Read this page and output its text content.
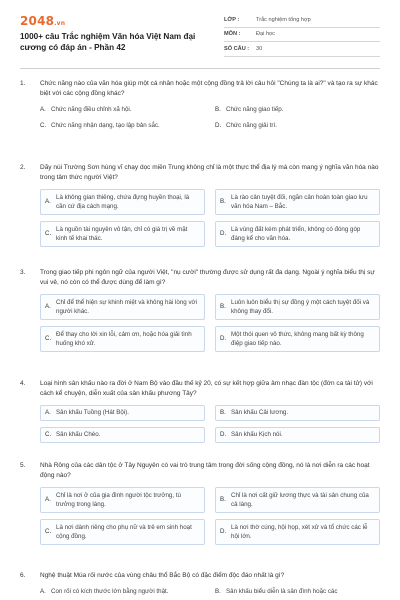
2048.vn
1000+ câu Trắc nghiệm Văn hóa Việt Nam đại cương có đáp án - Phần 42
LỚP :	Trắc nghiệm tổng hợp
MÔN :	Đại học
SỐ CÂU :	30
1.	Chức năng nào của văn hóa giúp một cá nhân hoặc một cộng đồng trả lời câu hỏi "Chúng ta là ai?" và tạo ra sự khác biệt với các cộng đồng khác?
A. Chức năng điều chỉnh xã hội.	B. Chức năng giao tiếp.
C. Chức năng nhận dạng, tạo lập bản sắc.	D. Chức năng giải trí.
2.	Dãy núi Trường Sơn hùng vĩ chạy dọc miền Trung không chỉ là một thực thể địa lý mà còn mang ý nghĩa văn hóa nào trong tâm thức người Việt?
A.
Là không gian thiêng, chứa đựng huyền thoại, là cần cứ địa cách mạng.
B.
Là rào cản tuyệt đối, ngăn cản hoàn toàn giao lưu văn hóa Nam – Bắc.
C.
Là nguồn tài nguyên vô tận, chỉ có giá trị về mặt kinh tế khai thác.
D.
Là vùng đất kém phát triển, không có đóng góp đáng kể cho văn hóa.
3.	Trong giao tiếp phi ngôn ngữ của người Việt, "nụ cười" thường được sử dụng rất đa dạng. Ngoài ý nghĩa biểu thị sự vui vẻ, nó còn có thể được dùng để làm gì?
A.
Chỉ để thể hiện sự khinh miệt và không hài lòng với người khác.
B.
Luôn luôn biểu thị sự đồng ý một cách tuyệt đối và không thay đổi.
C.
Để thay cho lời xin lỗi, cảm ơn, hoặc hóa giải tình huống khó xử.
D.
Một thói quen vô thức, không mang bất kỳ thông điệp giao tiếp nào.
4.	Loại hình sân khấu nào ra đời ở Nam Bộ vào đầu thế kỷ 20, có sự kết hợp giữa âm nhạc đàn tộc (đờn ca tài tử) với cách kể chuyện, diễn xuất của sân khấu phương Tây?
A. Sân khấu Tuồng (Hát Bội).	B. Sân khấu Cải lương.
C. Sân khấu Chèo.	D. Sân khấu Kịch nói.
5.	Nhà Rông của các dân tộc ở Tây Nguyên có vai trò trung tâm trong đời sống cộng đồng, nó là nơi diễn ra các hoạt động nào?
A.
Chỉ là nơi ở của gia đình người tộc trưởng, tù trưởng trong làng.
B.
Chỉ là nơi cất giữ lương thực và tài sản chung của cả làng.
C.
Là nơi dành riêng cho phụ nữ và trẻ em sinh hoạt cộng đồng.
D.
Là nơi thờ cúng, hội họp, xét xử và tổ chức các lễ hội lớn.
6.	Nghệ thuật Múa rối nước của vùng châu thổ Bắc Bộ có đặc điểm độc đáo nhất là gì?
A. Con rối có kích thước lớn bằng người thật.	B. Sân khấu biểu diễn là sân đình hoặc các
